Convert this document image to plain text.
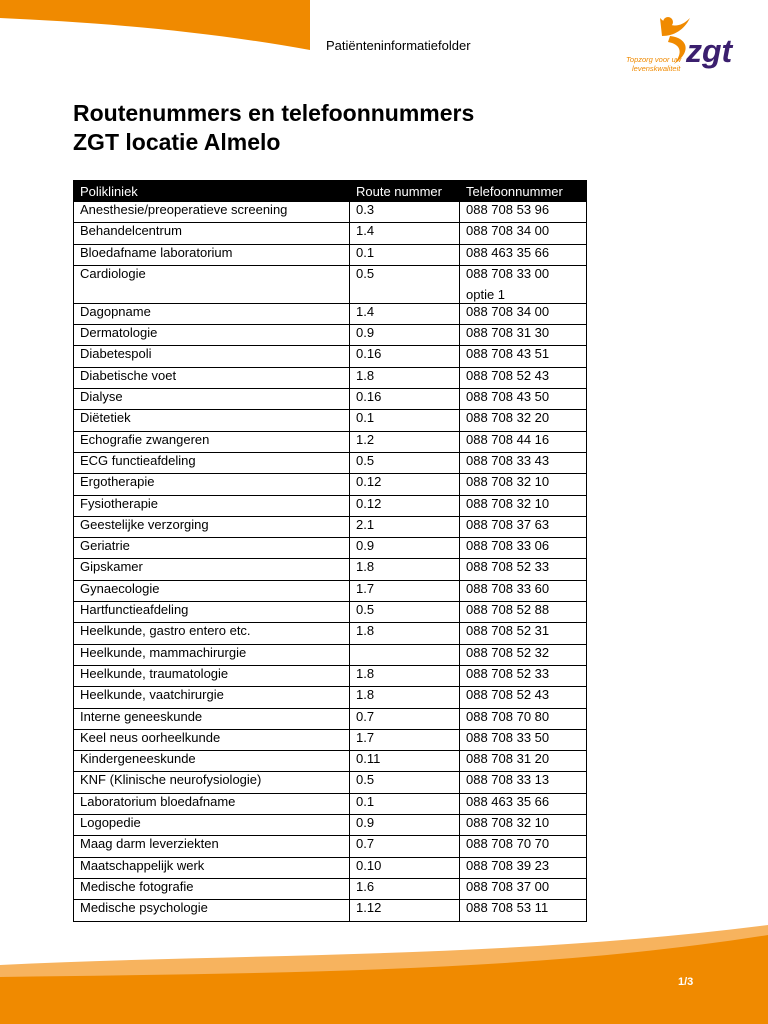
Patiënteninformatiefolder	zgt
Topzorg voor uw
levenskwaliteit
Routenummers en telefoonnummers
ZGT locatie Almelo
Polikliniek	Route nummer	Telefoonnummer
Anesthesie/preoperatieve screening	0.3	088 708 53 96

Behandelcentrum	1.4	088 708 34 00

Bloedafname laboratorium	0.1	088 463 35 66

Cardiologie	0.5	088 708 33 00
optie 1

Dagopname	1.4	088 708 34 00

Dermatologie	0.9	088 708 31 30

Diabetespoli	0.16	088 708 43 51

Diabetische voet	1.8	088 708 52 43

Dialyse	0.16	088 708 43 50

Diëtetiek	0.1	088 708 32 20

Echografie zwangeren	1.2	088 708 44 16

ECG functieafdeling	0.5	088 708 33 43

Ergotherapie	0.12	088 708 32 10

Fysiotherapie	0.12	088 708 32 10

Geestelijke verzorging	2.1	088 708 37 63

Geriatrie	0.9	088 708 33 06

Gipskamer	1.8	088 708 52 33

Gynaecologie	1.7	088 708 33 60

Hartfunctieafdeling	0.5	088 708 52 88

Heelkunde, gastro entero etc.	1.8	088 708 52 31

Heelkunde, mammachirurgie		088 708 52 32

Heelkunde, traumatologie	1.8	088 708 52 33

Heelkunde, vaatchirurgie	1.8	088 708 52 43

Interne geneeskunde	0.7	088 708 70 80

Keel neus oorheelkunde	1.7	088 708 33 50

Kindergeneeskunde	0.11	088 708 31 20

KNF (Klinische neurofysiologie)	0.5	088 708 33 13

Laboratorium bloedafname	0.1	088 463 35 66

Logopedie	0.9	088 708 32 10

Maag darm leverziekten	0.7	088 708 70 70

Maatschappelijk werk	0.10	088 708 39 23

Medische fotografie	1.6	088 708 37 00

Medische psychologie	1.12	088 708 53 11
1/3
